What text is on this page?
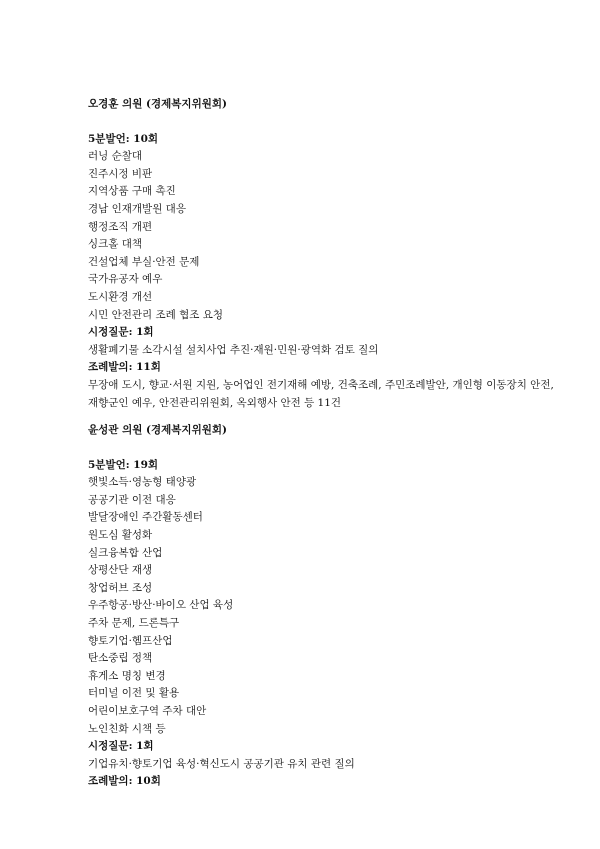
오경훈 의원 (경제복지위원회)
5분발언: 10회
러닝 순찰대
진주시정 비판
지역상품 구매 촉진
경남 인재개발원 대응
행정조직 개편
싱크홀 대책
건설업체 부실·안전 문제
국가유공자 예우
도시환경 개선
시민 안전관리 조례 협조 요청
시정질문: 1회
생활폐기물 소각시설 설치사업 추진·재원·민원·광역화 검토 질의
조례발의: 11회
무장애 도시, 향교·서원 지원, 농어업인 전기재해 예방, 건축조례, 주민조례발안, 개인형 이동장치 안전, 재향군인 예우, 안전관리위원회, 옥외행사 안전 등 11건
윤성관 의원 (경제복지위원회)
5분발언: 19회
햇빛소득·영농형 태양광
공공기관 이전 대응
발달장애인 주간활동센터
원도심 활성화
실크융복합 산업
상평산단 재생
창업허브 조성
우주항공·방산·바이오 산업 육성
주차 문제, 드론특구
향토기업·헴프산업
탄소중립 정책
휴게소 명칭 변경
터미널 이전 및 활용
어린이보호구역 주차 대안
노인친화 시책 등
시정질문: 1회
기업유치·향토기업 육성·혁신도시 공공기관 유치 관련 질의
조례발의: 10회
